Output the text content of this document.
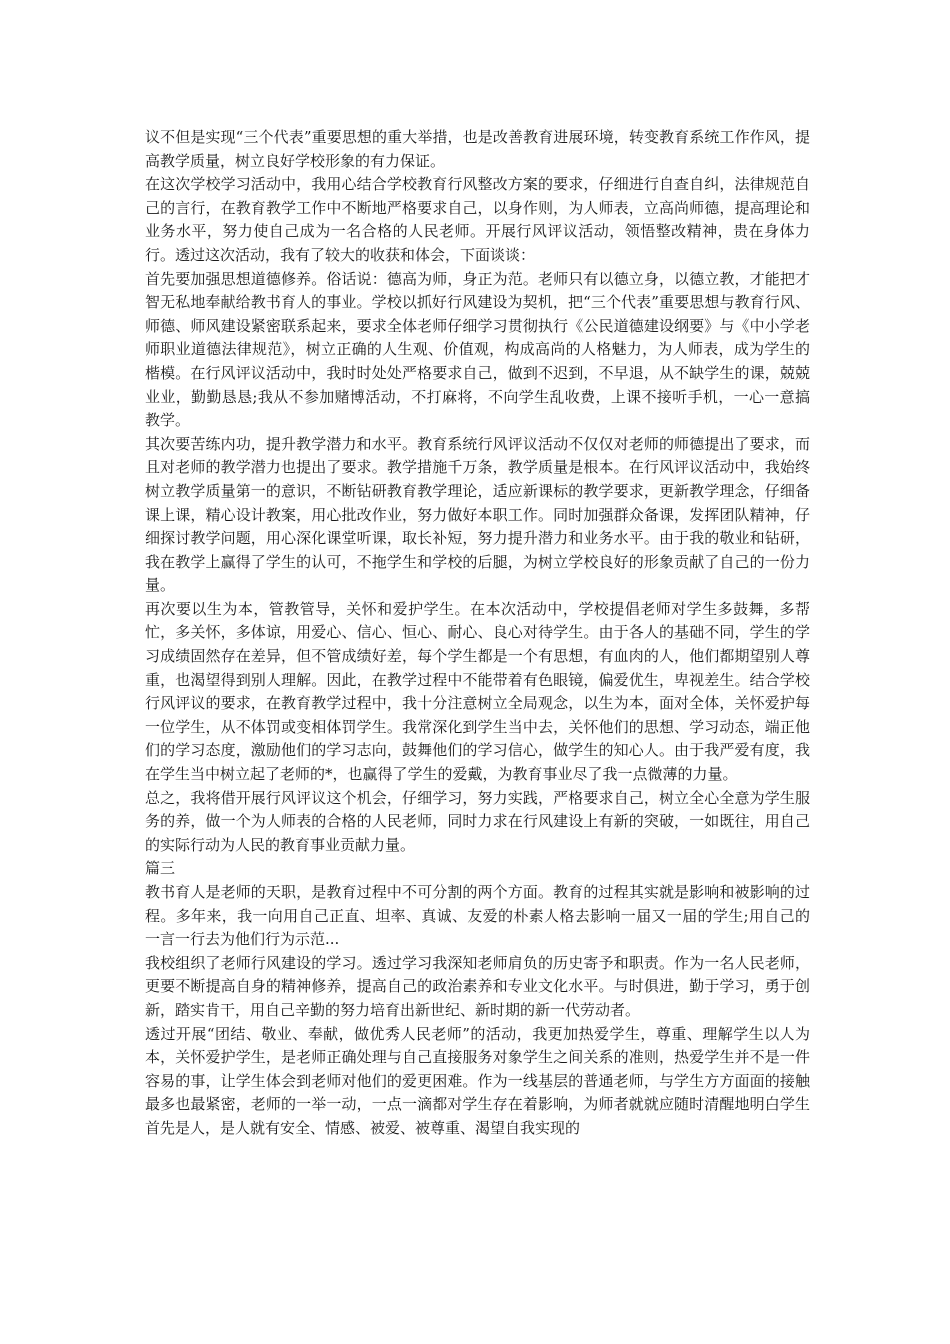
议不但是实现“三个代表”重要思想的重大举措，也是改善教育进展环境，转变教育系统工作作风，提高教学质量，树立良好学校形象的有力保证。

在这次学校学习活动中，我用心结合学校教育行风整改方案的要求，仔细进行自查自纠，法律规范自己的言行，在教育教学工作中不断地严格要求自己，以身作则，为人师表，立高尚师德，提高理论和业务水平，努力使自己成为一名合格的人民老师。开展行风评议活动，领悟整改精神，贵在身体力行。透过这次活动，我有了较大的收获和体会，下面谈谈：

首先要加强思想道德修养。俗话说：德高为师，身正为范。老师只有以德立身，以德立教，才能把才智无私地奉献给教书育人的事业。学校以抓好行风建设为契机，把“三个代表”重要思想与教育行风、师德、师风建设紧密联系起来，要求全体老师仔细学习贯彻执行《公民道德建设纲要》与《中小学老师职业道德法律规范》，树立正确的人生观、价值观，构成高尚的人格魅力，为人师表，成为学生的楷模。在行风评议活动中，我时时处处严格要求自己，做到不迟到，不早退，从不缺学生的课，兢兢业业，勤勤恳恳;我从不参加赌博活动，不打麻将，不向学生乱收费，上课不接听手机，一心一意搞教学。

其次要苦练内功，提升教学潜力和水平。教育系统行风评议活动不仅仅对老师的师德提出了要求，而且对老师的教学潜力也提出了要求。教学措施千万条，教学质量是根本。在行风评议活动中，我始终树立教学质量第一的意识，不断钻研教育教学理论，适应新课标的教学要求，更新教学理念，仔细备课上课，精心设计教案，用心批改作业，努力做好本职工作。同时加强群众备课，发挥团队精神，仔细探讨教学问题，用心深化课堂听课，取长补短，努力提升潜力和业务水平。由于我的敬业和钻研，我在教学上赢得了学生的认可，不拖学生和学校的后腿，为树立学校良好的形象贡献了自己的一份力量。

再次要以生为本，管教管导，关怀和爱护学生。在本次活动中，学校提倡老师对学生多鼓舞，多帮忙，多关怀，多体谅，用爱心、信心、恒心、耐心、良心对待学生。由于各人的基础不同，学生的学习成绩固然存在差异，但不管成绩好差，每个学生都是一个有思想，有血肉的人，他们都期望别人尊重，也渴望得到别人理解。因此，在教学过程中不能带着有色眼镜，偏爱优生，卑视差生。结合学校行风评议的要求，在教育教学过程中，我十分注意树立全局观念，以生为本，面对全体，关怀爱护每一位学生，从不体罚或变相体罚学生。我常深化到学生当中去，关怀他们的思想、学习动态，端正他们的学习态度，激励他们的学习志向，鼓舞他们的学习信心，做学生的知心人。由于我严爱有度，我在学生当中树立起了老师的*，也赢得了学生的爱戴，为教育事业尽了我一点微薄的力量。

总之，我将借开展行风评议这个机会，仔细学习，努力实践，严格要求自己，树立全心全意为学生服务的养，做一个为人师表的合格的人民老师，同时力求在行风建设上有新的突破，一如既往，用自己的实际行动为人民的教育事业贡献力量。

篇三

教书育人是老师的天职，是教育过程中不可分割的两个方面。教育的过程其实就是影响和被影响的过程。多年来，我一向用自己正直、坦率、真诚、友爱的朴素人格去影响一届又一届的学生;用自己的一言一行去为他们行为示范...

我校组织了老师行风建设的学习。透过学习我深知老师肩负的历史寄予和职责。作为一名人民老师，更要不断提高自身的精神修养，提高自己的政治素养和专业文化水平。与时俱进，勤于学习，勇于创新，踏实肯干，用自己辛勤的努力培育出新世纪、新时期的新一代劳动者。

透过开展“团结、敬业、奉献，做优秀人民老师”的活动，我更加热爱学生，尊重、理解学生以人为本，关怀爱护学生，是老师正确处理与自己直接服务对象学生之间关系的准则，热爱学生并不是一件容易的事，让学生体会到老师对他们的爱更困难。作为一线基层的普通老师，与学生方方面面的接触最多也最紧密，老师的一举一动，一点一滴都对学生存在着影响，为师者就就应随时清醒地明白学生首先是人，是人就有安全、情感、被爱、被尊重、渴望自我实现的
